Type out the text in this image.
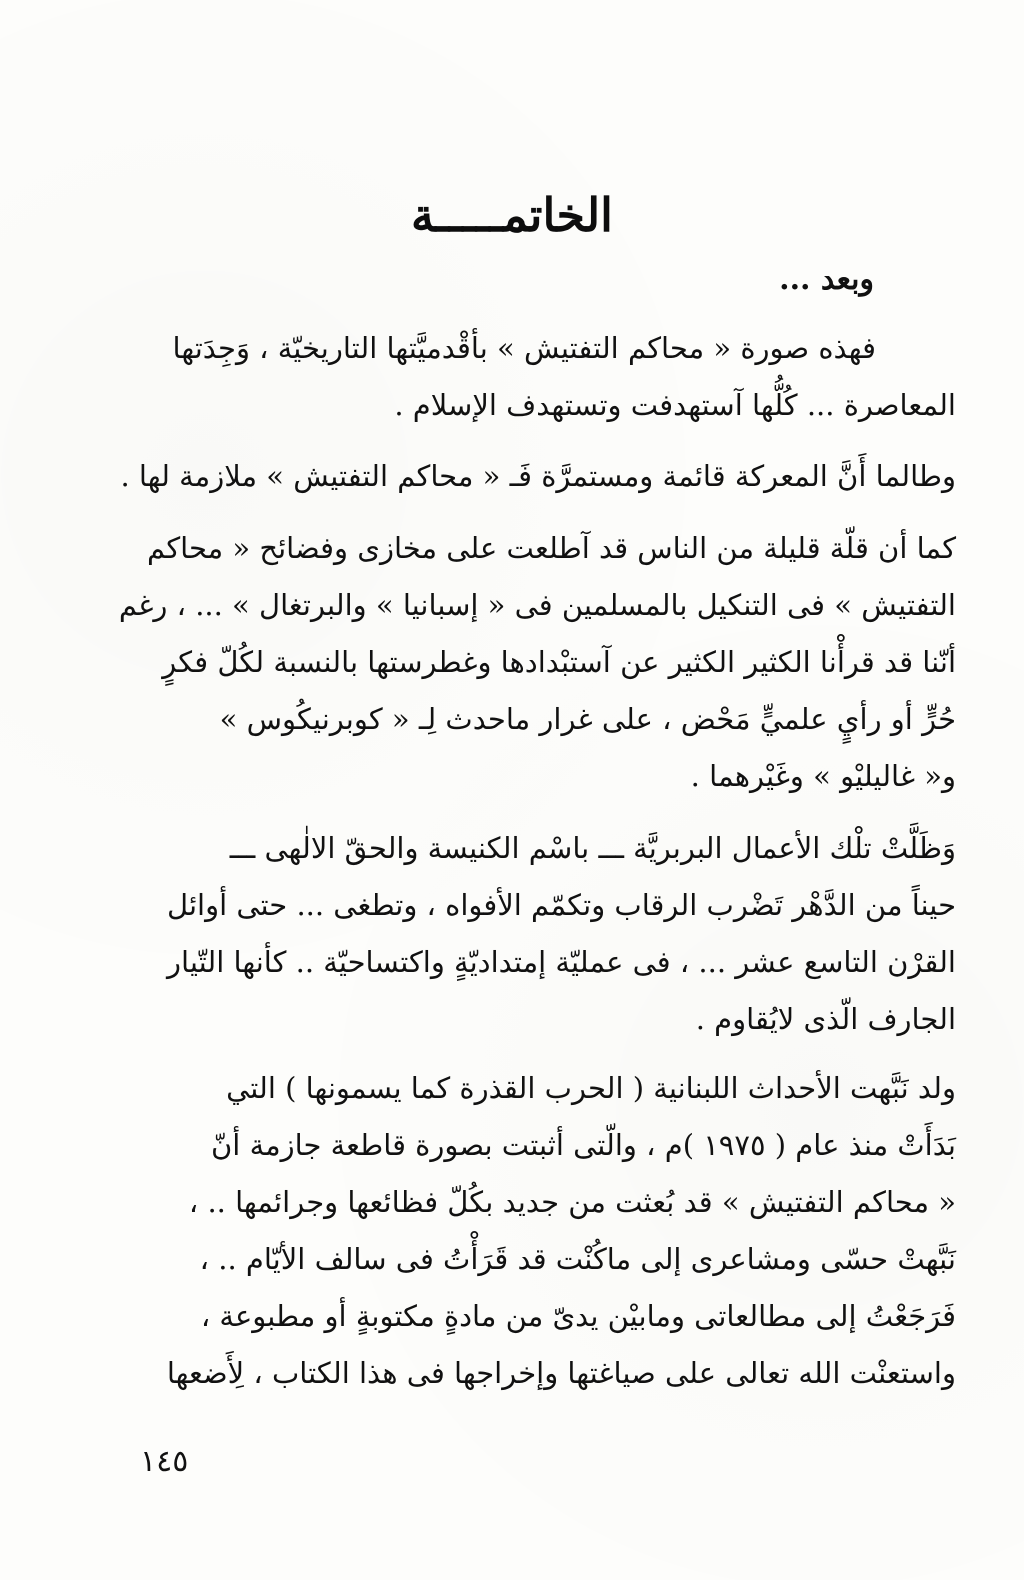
الخاتمـــــة
وبعد ...
فهذه صورة « محاكم التفتيش » بأقْدميَّتها التاريخيّة ، وَجِدَتها
المعاصرة ... كُلُّها آستهدفت وتستهدف الإسلام .
وطالما أَنَّ المعركة قائمة ومستمرَّة فَـ « محاكم التفتيش » ملازمة لها .
كما أن قلّة قليلة من الناس قد آطلعت على مخازى وفضائح « محاكم
التفتيش » فى التنكيل بالمسلمين فى « إسبانيا » والبرتغال » ... ، رغم
أنّنا قد قرأْنا الكثير الكثير عن آستبْدادها وغطرستها بالنسبة لكُلّ فكرٍ
حُرٍّ أو رأيٍ علميٍّ مَحْض ، على غرار ماحدث لِـ « كوبرنيكُوس »
و« غاليليْو » وغَيْرهما .
وَظَلَّتْ تلْك الأعمال البربريَّة ـــ باسْم الكنيسة والحقّ الالٰهى ـــ
حيناً من الدَّهْر تَضْرب الرقاب وتكمّم الأفواه ، وتطغى ... حتى أوائل
القرْن التاسع عشر ... ، فى عمليّة إمتداديّةٍ واكتساحيّة .. كأنها التّيار
الجارف الّذى لايُقاوم .
ولد نَبَّهت الأحداث اللبنانية ( الحرب القذرة كما يسمونها ) التي
بَدَأَتْ منذ عام ( ١٩٧٥ )م ، والّتى أثبتت بصورة قاطعة جازمة أنّ
« محاكم التفتيش » قد بُعثت من جديد بكُلّ فظائعها وجرائمها .. ،
نَبَّهتْ حسّى ومشاعرى إلى ماكُنْت قد قَرَأْتُ فى سالف الأيّام .. ،
فَرَجَعْتُ إلى مطالعاتى ومابيْن يدىّ من مادةٍ مكتوبةٍ أو مطبوعة ،
واستعنْت الله تعالى على صياغتها وإخراجها فى هذا الكتاب ، لِأَضعها
١٤٥
